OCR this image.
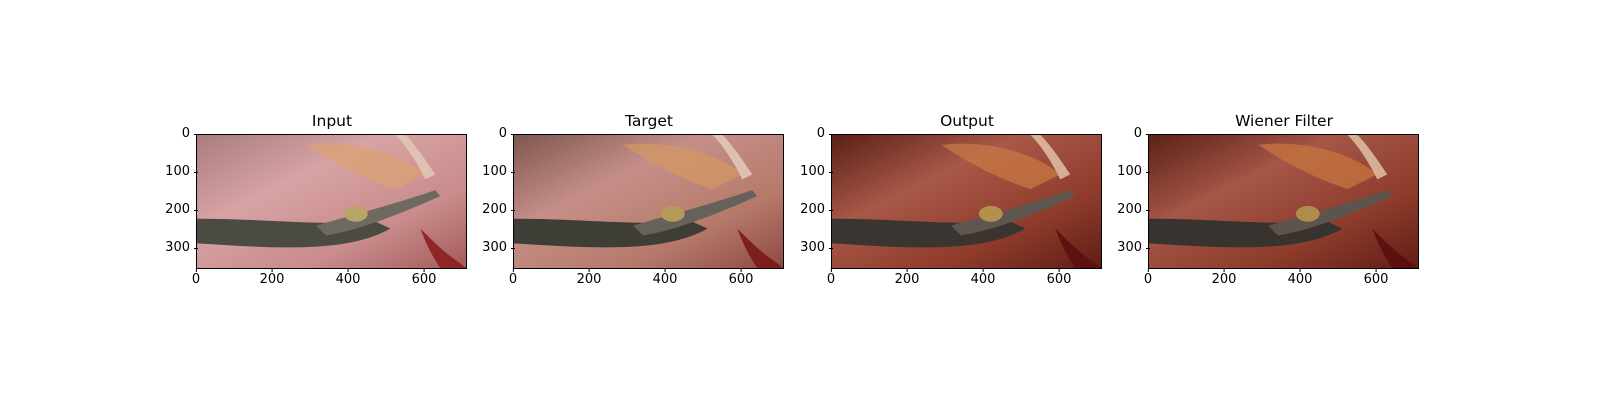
Input
0
100
200
300
0	200	400	600
Target
0
100
200
300
0	200	400	600
Output
0
100
200
300
0	200	400	600
Wiener Filter
0
100
200
300
0	200	400	600
